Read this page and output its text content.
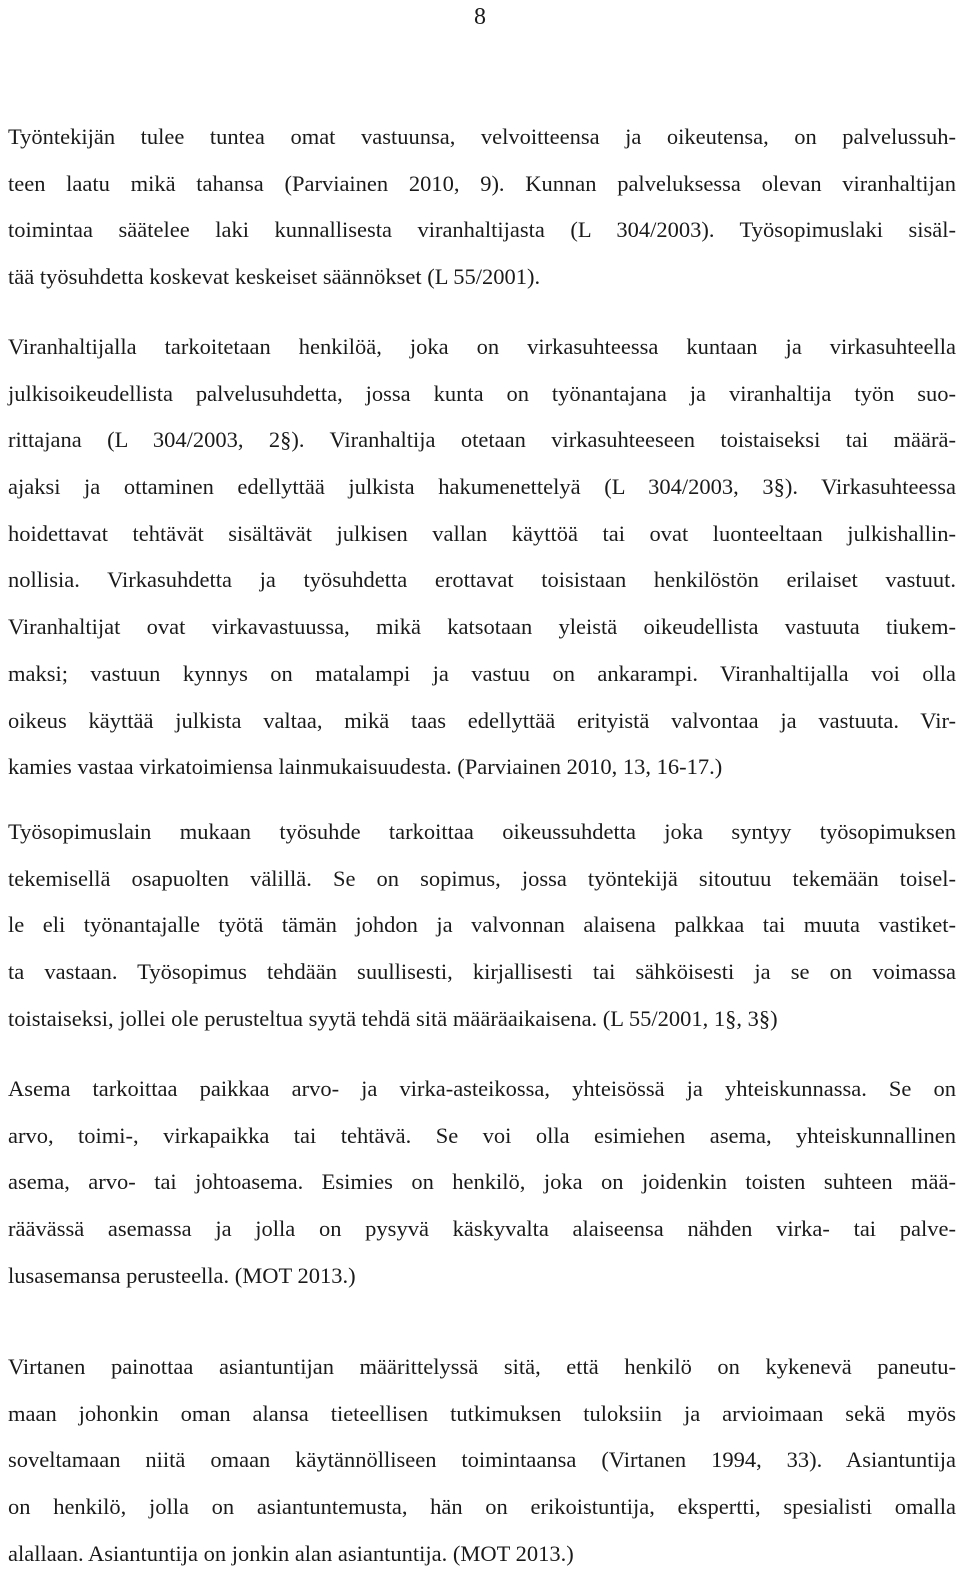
8
Työntekijän tulee tuntea omat vastuunsa, velvoitteensa ja oikeutensa, on palvelussuh-
teen laatu mikä tahansa (Parviainen 2010, 9). Kunnan palveluksessa olevan viranhaltijan
toimintaa säätelee laki kunnallisesta viranhaltijasta (L 304/2003). Työsopimuslaki sisäl-
tää työsuhdetta koskevat keskeiset säännökset (L 55/2001).
Viranhaltijalla tarkoitetaan henkilöä, joka on virkasuhteessa kuntaan ja virkasuhteella
julkisoikeudellista palvelusuhdetta, jossa kunta on työnantajana ja viranhaltija työn suo-
rittajana (L 304/2003, 2§). Viranhaltija otetaan virkasuhteeseen toistaiseksi tai määrä-
ajaksi ja ottaminen edellyttää julkista hakumenettelyä (L 304/2003, 3§). Virkasuhteessa
hoidettavat tehtävät sisältävät julkisen vallan käyttöä tai ovat luonteeltaan julkishallin-
nollisia. Virkasuhdetta ja työsuhdetta erottavat toisistaan henkilöstön erilaiset vastuut.
Viranhaltijat ovat virkavastuussa, mikä katsotaan yleistä oikeudellista vastuuta tiukem-
maksi; vastuun kynnys on matalampi ja vastuu on ankarampi. Viranhaltijalla voi olla
oikeus käyttää julkista valtaa, mikä taas edellyttää erityistä valvontaa ja vastuuta. Vir-
kamies vastaa virkatoimiensa lainmukaisuudesta. (Parviainen 2010, 13, 16-17.)
Työsopimuslain mukaan työsuhde tarkoittaa oikeussuhdetta joka syntyy työsopimuksen
tekemisellä osapuolten välillä. Se on sopimus, jossa työntekijä sitoutuu tekemään toisel-
le eli työnantajalle työtä tämän johdon ja valvonnan alaisena palkkaa tai muuta vastiket-
ta vastaan. Työsopimus tehdään suullisesti, kirjallisesti tai sähköisesti ja se on voimassa
toistaiseksi, jollei ole perusteltua syytä tehdä sitä määräaikaisena. (L 55/2001, 1§, 3§)
Asema tarkoittaa paikkaa arvo- ja virka-asteikossa, yhteisössä ja yhteiskunnassa. Se on
arvo, toimi-, virkapaikka tai tehtävä. Se voi olla esimiehen asema, yhteiskunnallinen
asema, arvo- tai johtoasema. Esimies on henkilö, joka on joidenkin toisten suhteen mää-
räävässä asemassa ja jolla on pysyvä käskyvalta alaiseensa nähden virka- tai palve-
lusasemansa perusteella. (MOT 2013.)
Virtanen painottaa asiantuntijan määrittelyssä sitä, että henkilö on kykenevä paneutu-
maan johonkin oman alansa tieteellisen tutkimuksen tuloksiin ja arvioimaan sekä myös
soveltamaan niitä omaan käytännölliseen toimintaansa (Virtanen 1994, 33). Asiantuntija
on henkilö, jolla on asiantuntemusta, hän on erikoistuntija, ekspertti, spesialisti omalla
alallaan. Asiantuntija on jonkin alan asiantuntija. (MOT 2013.)
